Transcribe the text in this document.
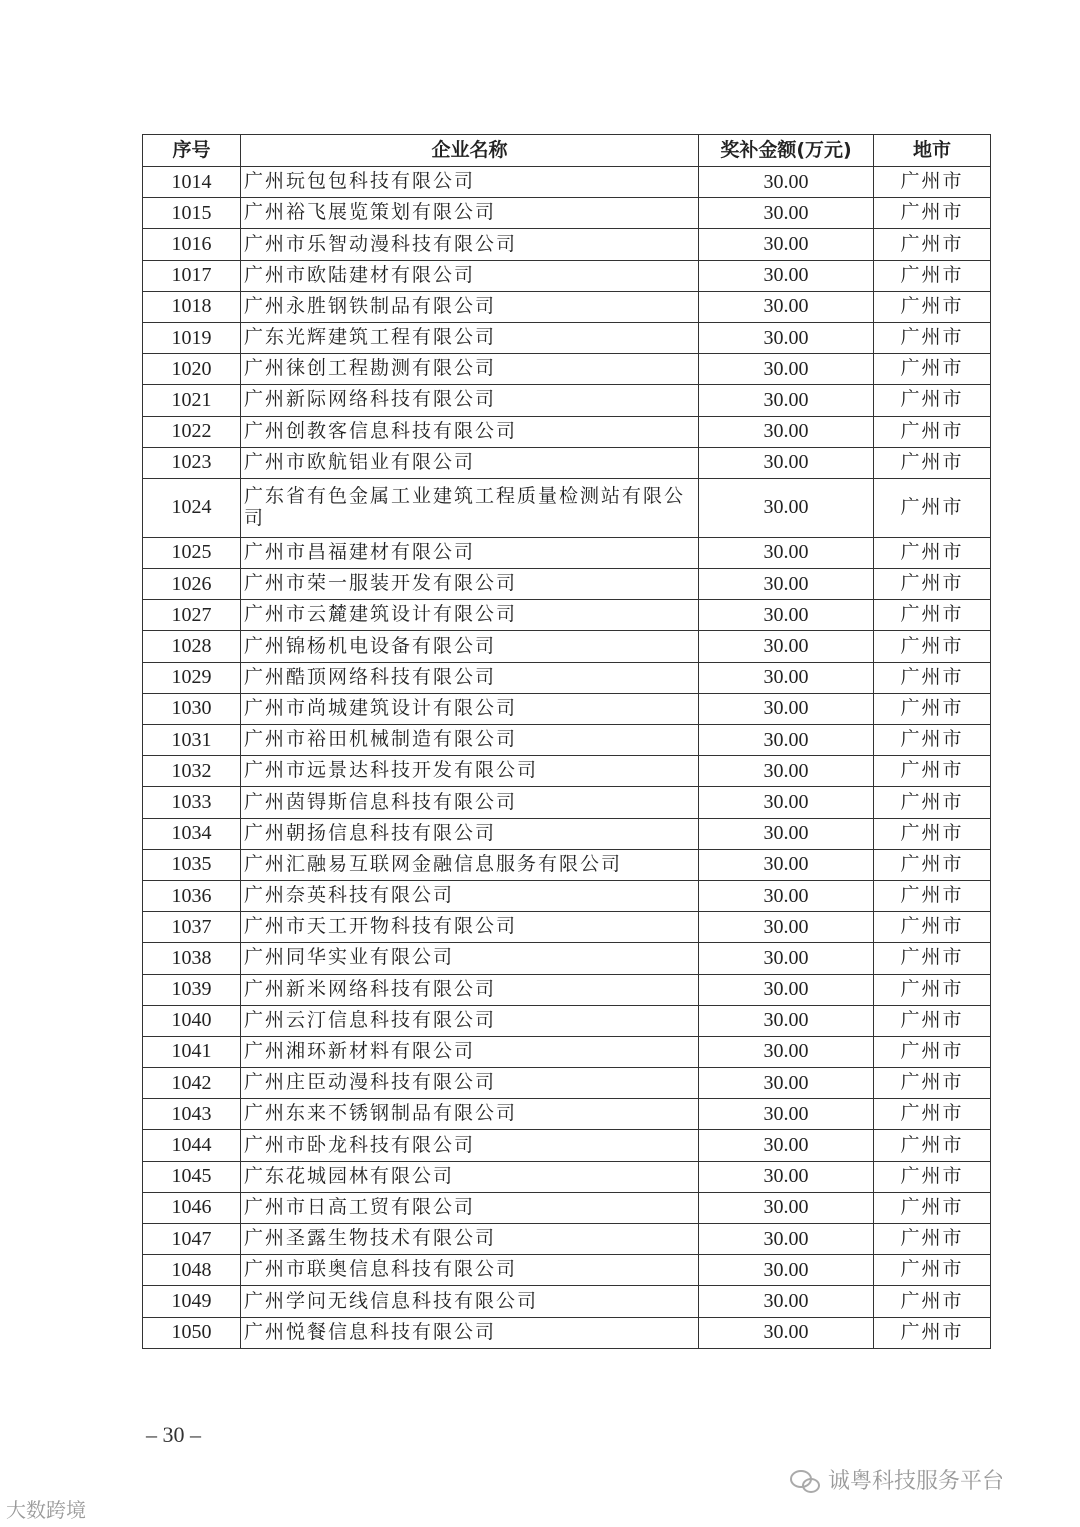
序号	企业名称	奖补金额(万元)	地市
1014	广州玩包包科技有限公司	30.00	广州市
1015	广州裕飞展览策划有限公司	30.00	广州市
1016	广州市乐智动漫科技有限公司	30.00	广州市
1017	广州市欧陆建材有限公司	30.00	广州市
1018	广州永胜钢铁制品有限公司	30.00	广州市
1019	广东光辉建筑工程有限公司	30.00	广州市
1020	广州徕创工程勘测有限公司	30.00	广州市
1021	广州新际网络科技有限公司	30.00	广州市
1022	广州创教客信息科技有限公司	30.00	广州市
1023	广州市欧航铝业有限公司	30.00	广州市
1024	广东省有色金属工业建筑工程质量检测站有限公司	30.00	广州市
1025	广州市昌福建材有限公司	30.00	广州市
1026	广州市荣一服装开发有限公司	30.00	广州市
1027	广州市云麓建筑设计有限公司	30.00	广州市
1028	广州锦杨机电设备有限公司	30.00	广州市
1029	广州酷顶网络科技有限公司	30.00	广州市
1030	广州市尚城建筑设计有限公司	30.00	广州市
1031	广州市裕田机械制造有限公司	30.00	广州市
1032	广州市远景达科技开发有限公司	30.00	广州市
1033	广州茵锝斯信息科技有限公司	30.00	广州市
1034	广州朝扬信息科技有限公司	30.00	广州市
1035	广州汇融易互联网金融信息服务有限公司	30.00	广州市
1036	广州奈英科技有限公司	30.00	广州市
1037	广州市天工开物科技有限公司	30.00	广州市
1038	广州同华实业有限公司	30.00	广州市
1039	广州新米网络科技有限公司	30.00	广州市
1040	广州云汀信息科技有限公司	30.00	广州市
1041	广州湘环新材料有限公司	30.00	广州市
1042	广州庄臣动漫科技有限公司	30.00	广州市
1043	广州东来不锈钢制品有限公司	30.00	广州市
1044	广州市卧龙科技有限公司	30.00	广州市
1045	广东花城园林有限公司	30.00	广州市
1046	广州市日高工贸有限公司	30.00	广州市
1047	广州圣露生物技术有限公司	30.00	广州市
1048	广州市联奥信息科技有限公司	30.00	广州市
1049	广州学问无线信息科技有限公司	30.00	广州市
1050	广州悦餐信息科技有限公司	30.00	广州市
– 30 –
大数跨境
诚粤科技服务平台
